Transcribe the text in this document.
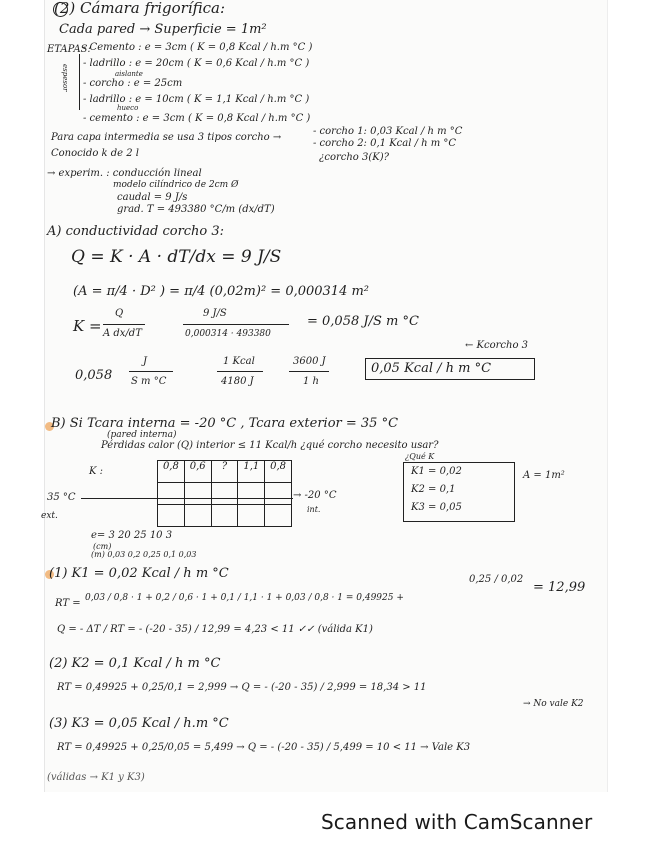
(2) Cámara frigorífica:
Cada pared → Superficie = 1m²
ETAPAS:
- Cemento : e = 3cm ( K = 0,8 Kcal / h.m °C )
- ladrillo : e = 20cm ( K = 0,6 Kcal / h.m °C )
aislante
- corcho : e = 25cm
- ladrillo : e = 10cm ( K = 1,1 Kcal / h.m °C )
hueco
- cemento : e = 3cm ( K = 0,8 Kcal / h.m °C )
espesor
Para capa intermedia se usa 3 tipos corcho →
- corcho 1: 0,03 Kcal / h m °C
- corcho 2: 0,1 Kcal / h m °C
¿corcho 3(K)?
Conocido k de 2 l
→ experim. : conducción lineal
modelo cilíndrico de 2cm Ø
caudal = 9 J/s
grad. T = 493380 °C/m (dx/dT)
A) conductividad corcho 3:
Q = K · A · dT/dx = 9 J/S
(A = π/4 · D² ) = π/4 (0,02m)² = 0,000314 m²
K =
Q
A dx/dT
9 J/S
0,000314 · 493380
= 0,058 J/S m °C
0,058
J
S m °C
1 Kcal
4180 J
3600 J
1 h
0,05 Kcal / h m °C
← Kcorcho 3
B) Si Tcara interna = -20 °C , Tcara exterior = 35 °C
(pared interna)
Pérdidas calor (Q) interior ≤ 11 Kcal/h ¿qué corcho necesito usar?
¿Qué K
K :	0,8	0,6	?	1,1	0,8

35 °C
ext.
→ -20 °C
int.
e= 3 20 25 10 3
(cm)
(m) 0,03 0,2 0,25 0,1 0,03
K1 = 0,02
K2 = 0,1
K3 = 0,05
A = 1m²
(1) K1 = 0,02 Kcal / h m °C
RT = 0,03 / 0,8 · 1 + 0,2 / 0,6 · 1 + 0,1 / 1,1 · 1 + 0,03 / 0,8 · 1 = 0,49925 +
0,25 / 0,02
= 12,99
Q = - ΔT / RT = - (-20 - 35) / 12,99 = 4,23 < 11 ✓✓ (válida K1)
(2) K2 = 0,1 Kcal / h m °C
RT = 0,49925 + 0,25/0,1 = 2,999 → Q = - (-20 - 35) / 2,999 = 18,34 > 11
→ No vale K2
(3) K3 = 0,05 Kcal / h.m °C
RT = 0,49925 + 0,25/0,05 = 5,499 → Q = - (-20 - 35) / 5,499 = 10 < 11 → Vale K3
(válidas → K1 y K3)
Scanned with CamScanner
